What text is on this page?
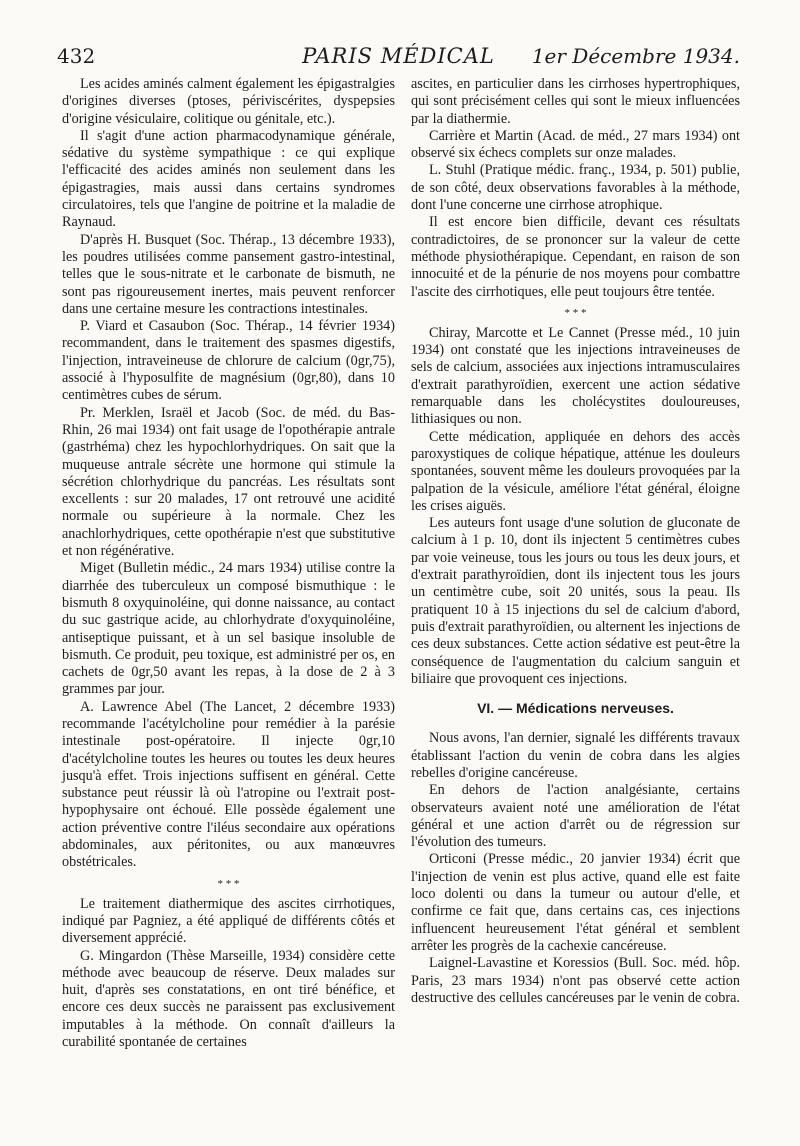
432	PARIS MÉDICAL	1er Décembre 1934.

Les acides aminés calment également les épigastralgies d'origines diverses (ptoses, périviscérites, dyspepsies d'origine vésiculaire, colitique ou génitale, etc.).

Il s'agit d'une action pharmacodynamique générale, sédative du système sympathique : ce qui explique l'efficacité des acides aminés non seulement dans les épigastragies, mais aussi dans certains syndromes circulatoires, tels que l'angine de poitrine et la maladie de Raynaud.

D'après H. Busquet (Soc. Thérap., 13 décembre 1933), les poudres utilisées comme pansement gastro-intestinal, telles que le sous-nitrate et le carbonate de bismuth, ne sont pas rigoureusement inertes, mais peuvent renforcer dans une certaine mesure les contractions intestinales.

P. Viard et Casaubon (Soc. Thérap., 14 février 1934) recommandent, dans le traitement des spasmes digestifs, l'injection, intraveineuse de chlorure de calcium (0gr,75), associé à l'hyposulfite de magnésium (0gr,80), dans 10 centimètres cubes de sérum.

Pr. Merklen, Israël et Jacob (Soc. de méd. du Bas-Rhin, 26 mai 1934) ont fait usage de l'opothérapie antrale (gastrhéma) chez les hypochlorhydriques. On sait que la muqueuse antrale sécrète une hormone qui stimule la sécrétion chlorhydrique du pancréas. Les résultats sont excellents : sur 20 malades, 17 ont retrouvé une acidité normale ou supérieure à la normale. Chez les anachlorhydriques, cette opothérapie n'est que substitutive et non régénérative.

Miget (Bulletin médic., 24 mars 1934) utilise contre la diarrhée des tuberculeux un composé bismuthique : le bismuth 8 oxyquinoléine, qui donne naissance, au contact du suc gastrique acide, au chlorhydrate d'oxyquinoléine, antiseptique puissant, et à un sel basique insoluble de bismuth. Ce produit, peu toxique, est administré per os, en cachets de 0gr,50 avant les repas, à la dose de 2 à 3 grammes par jour.

A. Lawrence Abel (The Lancet, 2 décembre 1933) recommande l'acétylcholine pour remédier à la parésie intestinale post-opératoire. Il injecte 0gr,10 d'acétylcholine toutes les heures ou toutes les deux heures jusqu'à effet. Trois injections suffisent en général. Cette substance peut réussir là où l'atropine ou l'extrait post-hypophysaire ont échoué. Elle possède également une action préventive contre l'iléus secondaire aux opérations abdominales, aux péritonites, ou aux manœuvres obstétricales.

* * *

Le traitement diathermique des ascites cirrhotiques, indiqué par Pagniez, a été appliqué de différents côtés et diversement apprécié.

G. Mingardon (Thèse Marseille, 1934) considère cette méthode avec beaucoup de réserve. Deux malades sur huit, d'après ses constatations, en ont tiré bénéfice, et encore ces deux succès ne paraissent pas exclusivement imputables à la méthode. On connaît d'ailleurs la curabilité spontanée de certaines

ascites, en particulier dans les cirrhoses hypertrophiques, qui sont précisément celles qui sont le mieux influencées par la diathermie.

Carrière et Martin (Acad. de méd., 27 mars 1934) ont observé six échecs complets sur onze malades.

L. Stuhl (Pratique médic. franç., 1934, p. 501) publie, de son côté, deux observations favorables à la méthode, dont l'une concerne une cirrhose atrophique.

Il est encore bien difficile, devant ces résultats contradictoires, de se prononcer sur la valeur de cette méthode physiothérapique. Cependant, en raison de son innocuité et de la pénurie de nos moyens pour combattre l'ascite des cirrhotiques, elle peut toujours être tentée.

* * *

Chiray, Marcotte et Le Cannet (Presse méd., 10 juin 1934) ont constaté que les injections intraveineuses de sels de calcium, associées aux injections intramusculaires d'extrait parathyroïdien, exercent une action sédative remarquable dans les cholécystites douloureuses, lithiasiques ou non.

Cette médication, appliquée en dehors des accès paroxystiques de colique hépatique, atténue les douleurs spontanées, souvent même les douleurs provoquées par la palpation de la vésicule, améliore l'état général, éloigne les crises aiguës.

Les auteurs font usage d'une solution de gluconate de calcium à 1 p. 10, dont ils injectent 5 centimètres cubes par voie veineuse, tous les jours ou tous les deux jours, et d'extrait parathyroïdien, dont ils injectent tous les jours un centimètre cube, soit 20 unités, sous la peau. Ils pratiquent 10 à 15 injections du sel de calcium d'abord, puis d'extrait parathyroïdien, ou alternent les injections de ces deux substances. Cette action sédative est peut-être la conséquence de l'augmentation du calcium sanguin et biliaire que provoquent ces injections.

VI. — Médications nerveuses.

Nous avons, l'an dernier, signalé les différents travaux établissant l'action du venin de cobra dans les algies rebelles d'origine cancéreuse.

En dehors de l'action analgésiante, certains observateurs avaient noté une amélioration de l'état général et une action d'arrêt ou de régression sur l'évolution des tumeurs.

Orticoni (Presse médic., 20 janvier 1934) écrit que l'injection de venin est plus active, quand elle est faite loco dolenti ou dans la tumeur ou autour d'elle, et confirme ce fait que, dans certains cas, ces injections influencent heureusement l'état général et semblent arrêter les progrès de la cachexie cancéreuse.

Laignel-Lavastine et Koressios (Bull. Soc. méd. hôp. Paris, 23 mars 1934) n'ont pas observé cette action destructive des cellules cancéreuses par le venin de cobra.
